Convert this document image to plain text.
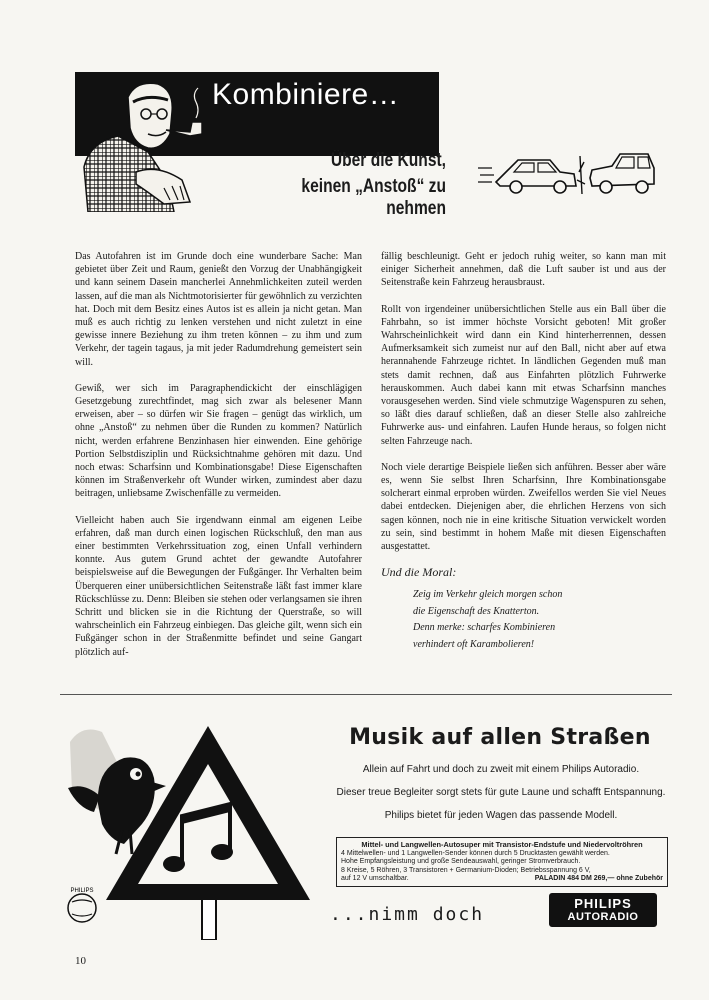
Kombiniere…
Über die Kunst,
keinen „Anstoß“ zu nehmen

Das Autofahren ist im Grunde doch eine wunderbare Sache: Man gebietet über Zeit und Raum, genießt den Vorzug der Unabhängigkeit und kann seinem Dasein mancherlei Annehmlichkeiten zuteil werden lassen, auf die man als Nichtmotorisierter für gewöhnlich zu verzichten hat. Doch mit dem Besitz eines Autos ist es allein ja nicht getan. Man muß es auch richtig zu lenken verstehen und nicht zuletzt in eine gewisse innere Beziehung zu ihm treten können – zu ihm und zum Verkehr, der tagein tagaus, ja mit jeder Radumdrehung gemeistert sein will.

Gewiß, wer sich im Paragraphendickicht der einschlägigen Gesetzgebung zurechtfindet, mag sich zwar als belesener Mann erweisen, aber – so dürfen wir Sie fragen – genügt das wirklich, um ohne „Anstoß“ zu nehmen über die Runden zu kommen? Natürlich nicht, werden erfahrene Benzinhasen hier einwenden. Eine gehörige Portion Selbstdisziplin und Rücksichtnahme gehören mit dazu. Und noch etwas: Scharfsinn und Kombinationsgabe! Diese Eigenschaften können im Straßenverkehr oft Wunder wirken, zumindest aber dazu beitragen, unliebsame Zwischenfälle zu vermeiden.

Vielleicht haben auch Sie irgendwann einmal am eigenen Leibe erfahren, daß man durch einen logischen Rückschluß, den man aus einer bestimmten Verkehrssituation zog, einen Unfall verhindern konnte. Aus gutem Grund achtet der gewandte Autofahrer beispielsweise auf die Bewegungen der Fußgänger. Ihr Verhalten beim Überqueren einer unübersichtlichen Seitenstraße läßt fast immer klare Rückschlüsse zu. Denn: Bleiben sie stehen oder verlangsamen sie ihren Schritt und blicken sie in die Richtung der Querstraße, so will wahrscheinlich ein Fahrzeug einbiegen. Das gleiche gilt, wenn sich ein Fußgänger schon in der Straßenmitte befindet und seine Gangart plötzlich auf-

fällig beschleunigt. Geht er jedoch ruhig weiter, so kann man mit einiger Sicherheit annehmen, daß die Luft sauber ist und aus der Seitenstraße kein Fahrzeug herausbraust.

Rollt von irgendeiner unübersichtlichen Stelle aus ein Ball über die Fahrbahn, so ist immer höchste Vorsicht geboten! Mit großer Wahrscheinlichkeit wird dann ein Kind hinterherrennen, dessen Aufmerksamkeit sich zumeist nur auf den Ball, nicht aber auf etwa herannahende Fahrzeuge richtet. In ländlichen Gegenden muß man stets damit rechnen, daß aus Einfahrten plötzlich Fuhrwerke herauskommen. Auch dabei kann mit etwas Scharfsinn manches vorausgesehen werden. Sind viele schmutzige Wagenspuren zu sehen, so läßt dies darauf schließen, daß an dieser Stelle also zahlreiche Fuhrwerke aus- und einfahren. Laufen Hunde heraus, so folgen nicht selten Fahrzeuge nach.

Noch viele derartige Beispiele ließen sich anführen. Besser aber wäre es, wenn Sie selbst Ihren Scharfsinn, Ihre Kombinationsgabe solcherart einmal erproben würden. Zweifellos werden Sie viel Neues dabei entdecken. Diejenigen aber, die ehrlichen Herzens von sich sagen können, noch nie in eine kritische Situation verwickelt worden zu sein, sind bestimmt in hohem Maße mit diesen Eigenschaften ausgestattet.

Und die Moral:
Zeig im Verkehr gleich morgen schon
die Eigenschaft des Knatterton.
Denn merke: scharfes Kombinieren
verhindert oft Karambolieren!
PHILIPS
Musik auf allen Straßen
Allein auf Fahrt und doch zu zweit mit einem Philips Autoradio.
Dieser treue Begleiter sorgt stets für gute Laune und schafft Entspannung.
Philips bietet für jeden Wagen das passende Modell.
Mittel- und Langwellen-Autosuper mit Transistor-Endstufe und Niedervoltröhren
4 Mittelwellen- und 1 Langwellen-Sender können durch 5 Drucktasten gewählt werden.
Hohe Empfangsleistung und große Sendeauswahl, geringer Stromverbrauch.
8 Kreise, 5 Röhren, 3 Transistoren + Germanium-Dioden; Betriebsspannung 6 V,
auf 12 V umschaltbar.	PALADIN 484 DM 269,— ohne Zubehör
...nimm doch
PHILIPS
AUTORADIO
10
